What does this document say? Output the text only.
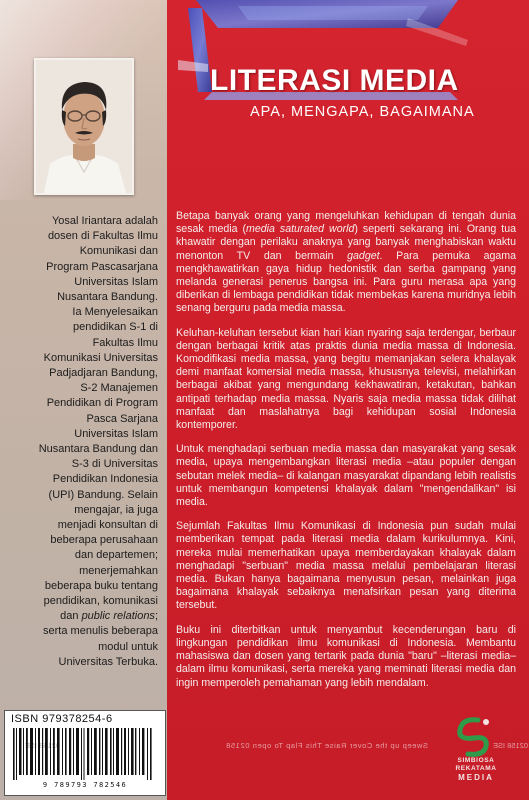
Yosal Iriantara adalah
dosen di Fakultas Ilmu
Komunikasi dan
Program Pascasarjana
Universitas Islam
Nusantara Bandung.
Ia Menyelesaikan
pendidikan S-1 di
Fakultas Ilmu
Komunikasi Universitas
Padjadjaran Bandung,
S-2 Manajemen
Pendidikan di Program
Pasca Sarjana
Universitas Islam
Nusantara Bandung dan
S-3 di Universitas
Pendidikan Indonesia
(UPI) Bandung. Selain
mengajar, ia juga
menjadi konsultan di
beberapa perusahaan
dan departemen;
menerjemahkan
beberapa buku tentang
pendidikan, komunikasi
dan public relations;
serta menulis beberapa
modul untuk
Universitas Terbuka.
ISBN 979378254-6
9 789793 782546
LITERASI MEDIA
APA, MENGAPA, BAGAIMANA

Betapa banyak orang yang mengeluhkan kehidupan di tengah dunia sesak media (media saturated world) seperti sekarang ini. Orang tua khawatir dengan perilaku anaknya yang banyak menghabiskan waktu menonton TV dan bermain gadget. Para pemuka agama mengkhawatirkan gaya hidup hedonistik dan serba gampang yang melanda generasi penerus bangsa ini. Para guru merasa apa yang diberikan di lembaga pendidikan tidak membekas karena muridnya lebih senang berguru pada media massa.

Keluhan-keluhan tersebut kian hari kian nyaring saja terdengar, berbaur dengan berbagai kritik atas praktis dunia media massa di Indonesia. Komodifikasi media massa, yang begitu memanjakan selera khalayak demi manfaat komersial media massa, khususnya televisi, melahirkan berbagai akibat yang mengundang kekhawatiran, ketakutan, bahkan antipati terhadap media massa. Nyaris saja media massa tidak dilihat manfaat dan maslahatnya bagi kehidupan sosial Indonesia kontemporer.

Untuk menghadapi serbuan media massa dan masyarakat yang sesak media, upaya mengembangkan literasi media –atau populer dengan sebutan melek media– di kalangan masyarakat dipandang lebih realistis untuk membangun kompetensi khalayak dalam "mengendalikan" isi media.

Sejumlah Fakultas Ilmu Komunikasi di Indonesia pun sudah mulai memberikan tempat pada literasi media dalam kurikulumnya. Kini, mereka mulai memerhatikan upaya memberdayakan khalayak dalam menghadapi "serbuan" media massa melalui pembelajaran literasi media. Bukan hanya bagaimana menyusun pesan, melainkan juga bagaimana khalayak sebaiknya menafsirkan pesan yang diterima tersebut.

Buku ini diterbitkan untuk menyambut kecenderungan baru di lingkungan pendidikan ilmu komunikasi di Indonesia. Membantu mahasiswa dan dosen yang tertarik pada dunia "baru" –literasi media– dalam ilmu komunikasi, serta mereka yang meminati literasi media dan ingin memperoleh pemahaman yang lebih mendalam.

02158 ISE	Sweep up the Cover Raise This Flap To open 02158	02158 ISE
SIMBIOSA
REKATAMA
MEDIA
